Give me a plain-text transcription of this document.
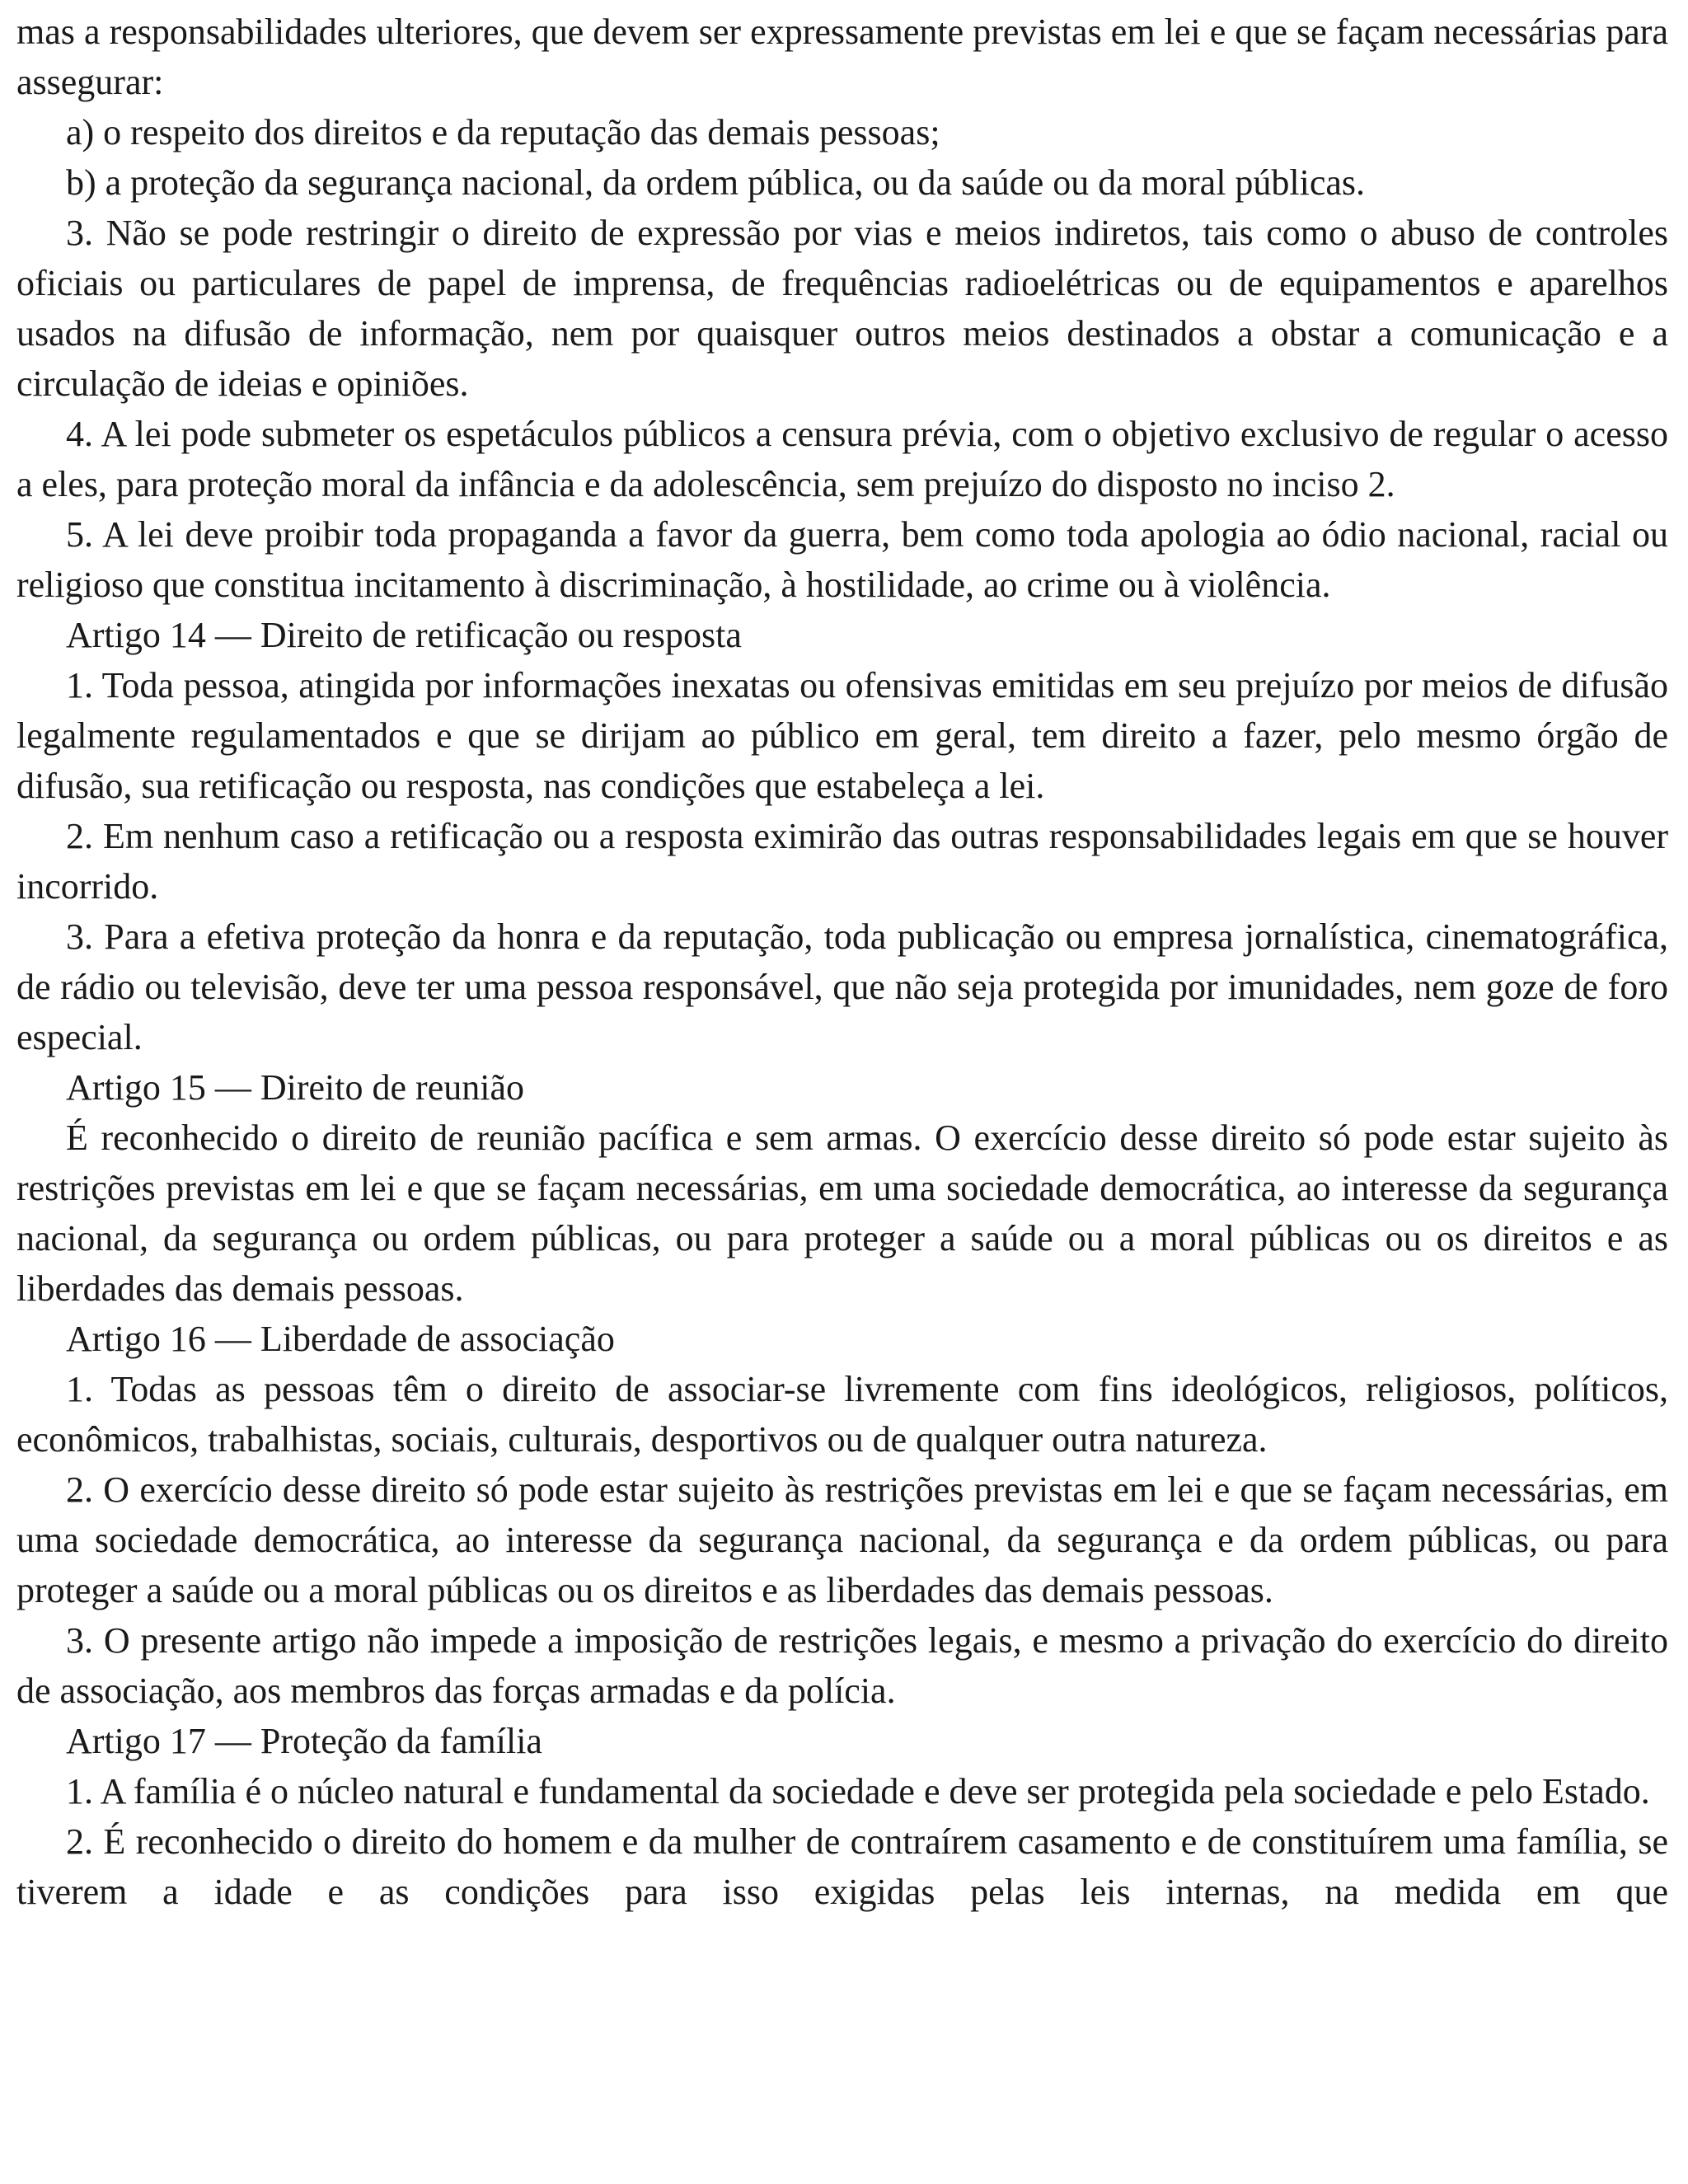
mas a responsabilidades ulteriores, que devem ser expressamente previstas em lei e que se façam necessárias para assegurar:

a) o respeito dos direitos e da reputação das demais pessoas;

b) a proteção da segurança nacional, da ordem pública, ou da saúde ou da moral públicas.

3. Não se pode restringir o direito de expressão por vias e meios indiretos, tais como o abuso de controles oficiais ou particulares de papel de imprensa, de frequências radioelétricas ou de equipamentos e aparelhos usados na difusão de informação, nem por quaisquer outros meios destinados a obstar a comunicação e a circulação de ideias e opiniões.

4. A lei pode submeter os espetáculos públicos a censura prévia, com o objetivo exclusivo de regular o acesso a eles, para proteção moral da infância e da adolescência, sem prejuízo do disposto no inciso 2.

5. A lei deve proibir toda propaganda a favor da guerra, bem como toda apologia ao ódio nacional, racial ou religioso que constitua incitamento à discriminação, à hostilidade, ao crime ou à violência.

Artigo 14 — Direito de retificação ou resposta

1. Toda pessoa, atingida por informações inexatas ou ofensivas emitidas em seu prejuízo por meios de difusão legalmente regulamentados e que se dirijam ao público em geral, tem direito a fazer, pelo mesmo órgão de difusão, sua retificação ou resposta, nas condições que estabeleça a lei.

2. Em nenhum caso a retificação ou a resposta eximirão das outras responsabilidades legais em que se houver incorrido.

3. Para a efetiva proteção da honra e da reputação, toda publicação ou empresa jornalística, cinematográfica, de rádio ou televisão, deve ter uma pessoa responsável, que não seja protegida por imunidades, nem goze de foro especial.

Artigo 15 — Direito de reunião

É reconhecido o direito de reunião pacífica e sem armas. O exercício desse direito só pode estar sujeito às restrições previstas em lei e que se façam necessárias, em uma sociedade democrática, ao interesse da segurança nacional, da segurança ou ordem públicas, ou para proteger a saúde ou a moral públicas ou os direitos e as liberdades das demais pessoas.

Artigo 16 — Liberdade de associação

1. Todas as pessoas têm o direito de associar-se livremente com fins ideológicos, religiosos, políticos, econômicos, trabalhistas, sociais, culturais, desportivos ou de qualquer outra natureza.

2. O exercício desse direito só pode estar sujeito às restrições previstas em lei e que se façam necessárias, em uma sociedade democrática, ao interesse da segurança nacional, da segurança e da ordem públicas, ou para proteger a saúde ou a moral públicas ou os direitos e as liberdades das demais pessoas.

3. O presente artigo não impede a imposição de restrições legais, e mesmo a privação do exercício do direito de associação, aos membros das forças armadas e da polícia.

Artigo 17 — Proteção da família

1. A família é o núcleo natural e fundamental da sociedade e deve ser protegida pela sociedade e pelo Estado.

2. É reconhecido o direito do homem e da mulher de contraírem casamento e de constituírem uma família, se tiverem a idade e as condições para isso exigidas pelas leis internas, na medida em que
